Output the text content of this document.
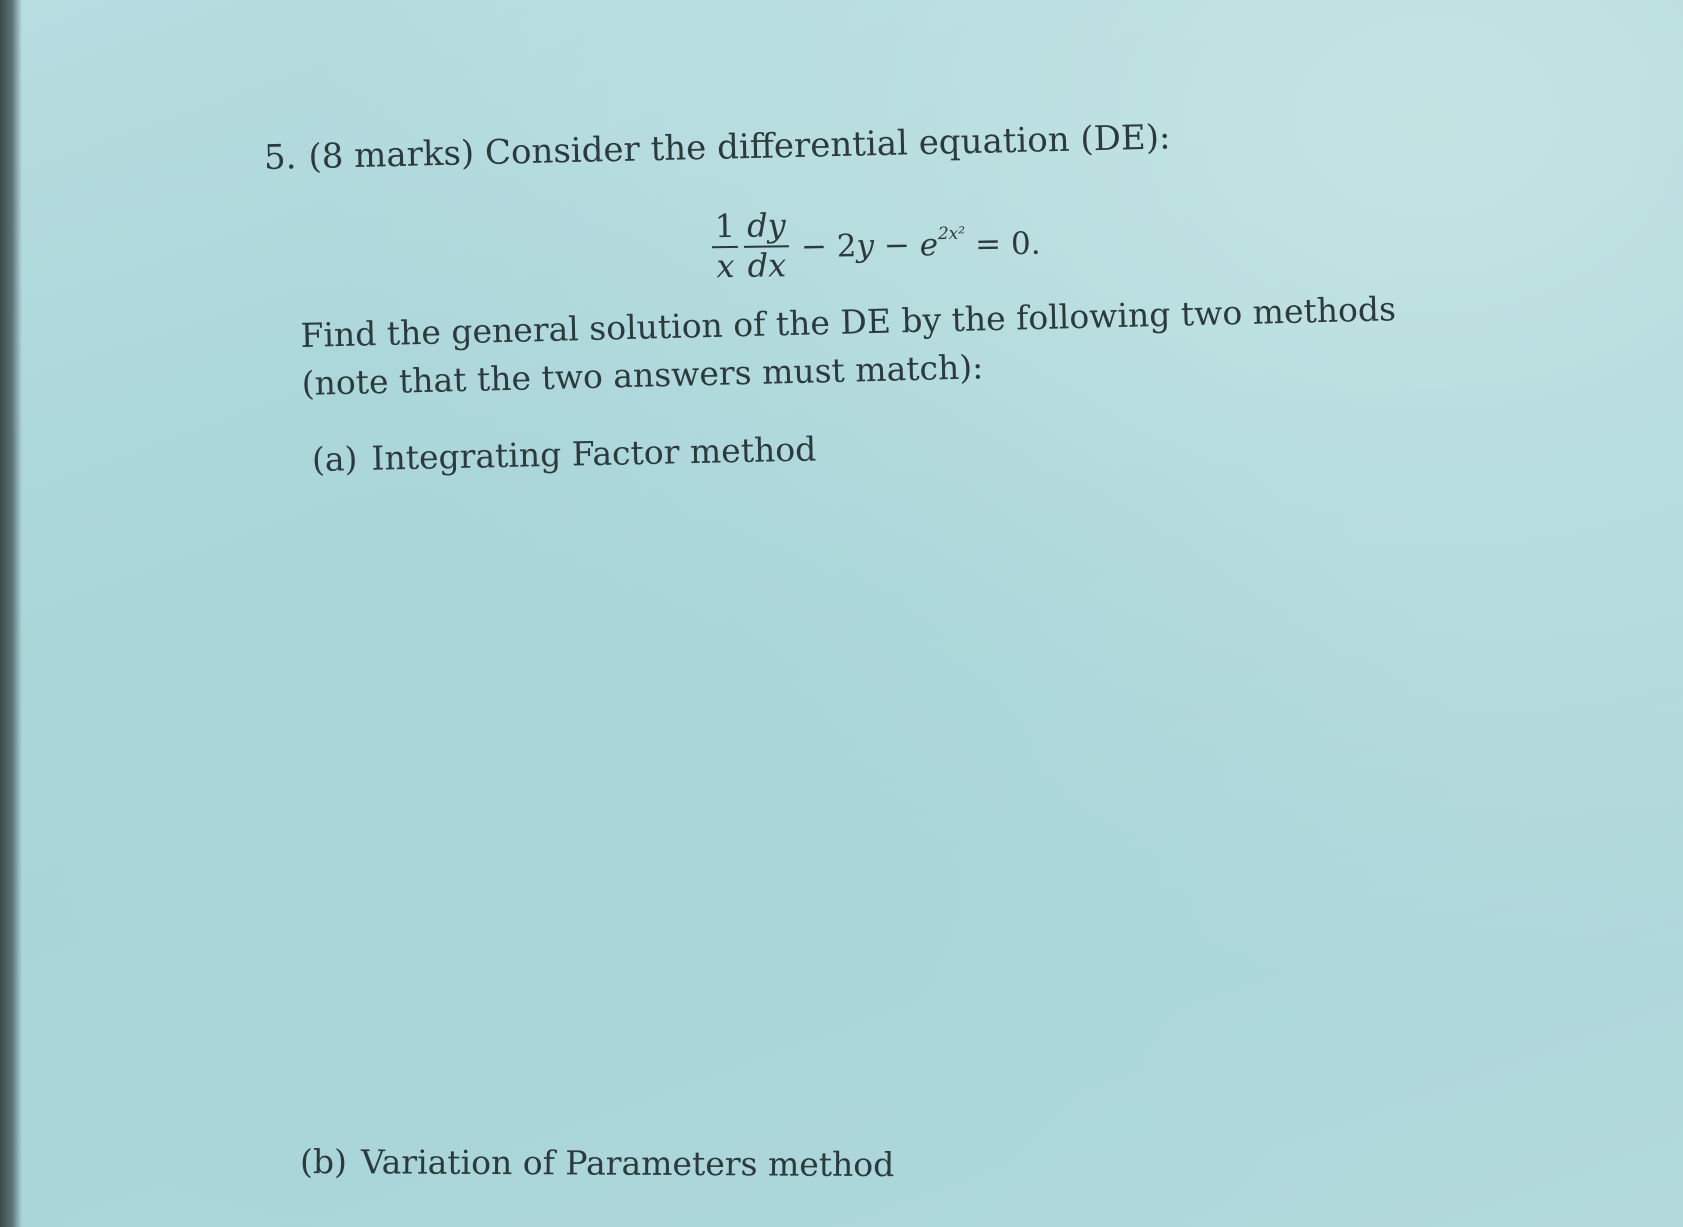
5. (8 marks) Consider the differential equation (DE):
$\frac{1}{x} \frac{dy}{dx} - 2y - e^{2x^2} = 0$.
Find the general solution of the DE by the following two methods (note that the two answers must match):
(a) Integrating Factor method
(b) Variation of Parameters method
